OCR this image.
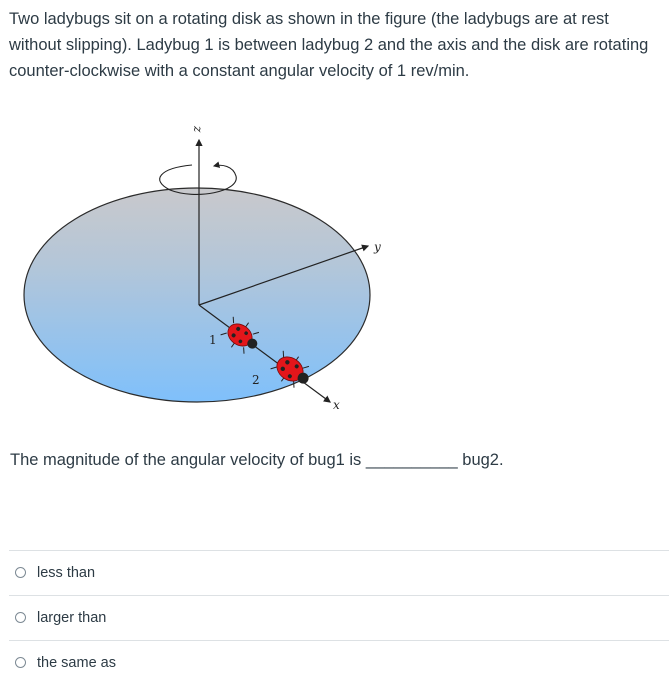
Two ladybugs sit on a rotating disk as shown in the figure (the ladybugs are at rest without slipping). Ladybug 1 is between ladybug 2 and the axis and the disk are rotating counter-clockwise with a constant angular velocity of 1 rev/min.
z
y
x
1
2
The magnitude of the angular velocity of bug1 is __________ bug2.
less than
larger than
the same as
